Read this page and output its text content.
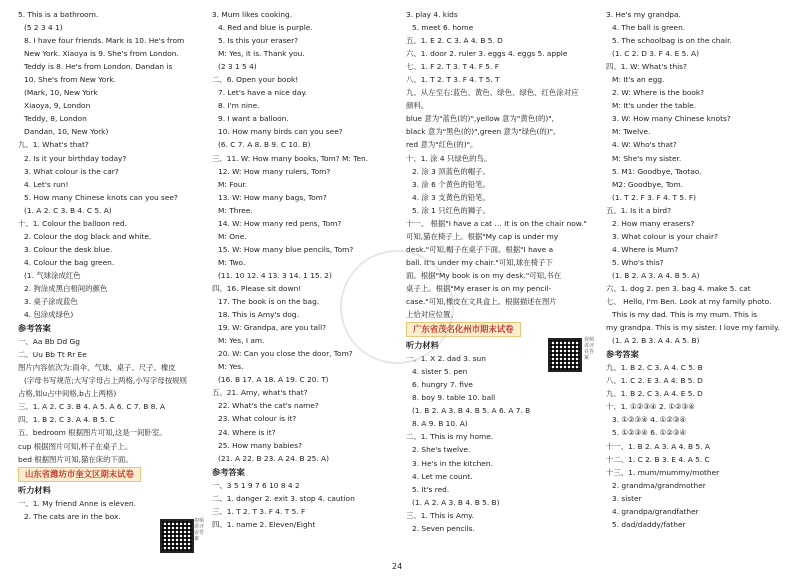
5. This is a bathroom.
(5 2 3 4 1)
8. I have four friends. Mark is 10. He's from
New York. Xiaoya is 9. She's from London.
Teddy is 8. He's from London. Dandan is
10. She's from New York.
(Mark, 10, New York
Xiaoya, 9, London
Teddy, 8, London
Dandan, 10, New York)
九、1. What's that?
2. Is it your birthday today?
3. What colour is the car?
4. Let's run!
5. How many Chinese knots can you see?
(1. A 2. C 3. B 4. C 5. A)
十、1. Colour the balloon red.
2. Colour the dog black and white.
3. Colour the desk blue.
4. Colour the bag green.
(1. 气球涂成红色
2. 狗涂成黑白相间的颜色
3. 桌子涂成蓝色
4. 包涂成绿色)
参考答案
一、Aa Bb Dd Gg
二、Uu Bb Tt Rr Ee
图片内容依次为:雨伞、气球、桌子、尺子、橡皮
(字母书写规范;大写字母占上两格,小写字母按规则
占格,如u占中间格,b占上两格)
三、1. A 2. C 3. B 4. A 5. A 6. C 7. B 8. A
四、1. B 2. C 3. A 4. B 5. C
五、bedroom 根据图片可知,这是一间卧室。
cup 根据图片可知,杯子在桌子上。
bed 根据图片可知,猫在床的下面。
山东省潍坊市奎文区期末试卷
听力材料
一、1. My friend Anne is eleven.
2. The cats are in the box.
3. Mum likes cooking.
4. Red and blue is purple.
5. Is this your eraser?
M: Yes, it is. Thank you.
(2 3 1 5 4)
二、6. Open your book!
7. Let's have a nice day.
8. I'm nine.
9. I want a balloon.
10. How many birds can you see?
(6. C 7. A 8. B 9. C 10. B)
三、11. W: How many books, Tom? M: Ten.
12. W: How many rulers, Tom?
M: Four.
13. W: How many bags, Tom?
M: Three.
14. W: How many red pens, Tom?
M: One.
15. W: How many blue pencils, Tom?
M: Two.
(11. 10 12. 4 13. 3 14. 1 15. 2)
四、16. Please sit down!
17. The book is on the bag.
18. This is Amy's dog.
19. W: Grandpa, are you tall?
M: Yes, I am.
20. W: Can you close the door, Tom?
M: Yes.
(16. B 17. A 18. A 19. C 20. T)
五、21. Amy, what's that?
22. What's the cat's name?
23. What colour is it?
24. Where is it?
25. How many babies?
(21. A 22. B 23. A 24. B 25. A)
参考答案
一、3 5 1 9 7 6 10 8 4 2
二、1. danger 2. exit 3. stop 4. caution
三、1. T 2. T 3. F 4. T 5. F
四、1. name 2. Eleven/Eight
3. play 4. kids
5. meet 6. home
五、1. E 2. C 3. A 4. B 5. D
六、1. door 2. ruler 3. eggs 4. eggs 5. apple
七、1. F 2. T 3. T 4. F 5. F
八、1. T 2. T 3. F 4. T 5. T
九、从左至右:蓝色、黄色、绿色、绿色、红色涂对应
颜料。
blue 意为"蓝色(的)",yellow 意为"黄色(的)",
black 意为"黑色(的)",green 意为"绿色(的)",
red 意为"红色(的)"。
十、1. 涂 4 只绿色的鸟。
2. 涂 3 顶蓝色的帽子。
3. 涂 6 个黄色的铅笔。
4. 涂 3 支黄色的铅笔。
5. 涂 1 只红色的狮子。
十一、 根据"I have a cat … It is on the chair now."
可知,猫在椅子上。根据"My cap is under my
desk."可知,帽子在桌子下面。根据"I have a
ball. It's under my chair."可知,球在椅子下
面。根据"My book is on my desk."可知,书在
桌子上。根据"My eraser is on my pencil-
case."可知,橡皮在文具盒上。根据描述在图片
上恰对应位置。
广东省茂名化州市期末试卷
听力材料
一、1. X 2. dad 3. sun
4. sister 5. pen
6. hungry 7. five
8. boy 9. table 10. ball
(1. B 2. A 3. B 4. B 5. A 6. A 7. B
8. A 9. B 10. A)
二、1. This is my home.
2. She's twelve.
3. He's in the kitchen.
4. Let me count.
5. It's red.
(1. A 2. A 3. B 4. B 5. B)
三、1. This is Amy.
2. Seven pencils.
3. He's my grandpa.
4. The ball is green.
5. The schoolbag is on the chair.
(1. C 2. D 3. F 4. E 5. A)
四、1. W: What's this?
M: It's an egg.
2. W: Where is the book?
M: It's under the table.
3. W: How many Chinese knots?
M: Twelve.
4. W: Who's that?
M: She's my sister.
5. M1: Goodbye, Taotao.
M2: Goodbye, Tom.
(1. T 2. F 3. F 4. T 5. F)
五、1. Is it a bird?
2. How many erasers?
3. What colour is your chair?
4. Where is Mum?
5. Who's this?
(1. B 2. A 3. A 4. B 5. A)
六、1. dog 2. pen 3. bag 4. make 5. cat
七、 Hello, I'm Ben. Look at my family photo.
This is my dad. This is my mum. This is
my grandpa. This is my sister. I love my family.
(1. A 2. B 3. A 4. A 5. B)
参考答案
九、1. B 2. C 3. A 4. C 5. B
八、1. C 2. E 3. A 4. B 5. D
九、1. B 2. C 3. A 4. E 5. D
十、1. ①②③④ 2. ①②③④
3. ①②③④ 4. ①②③④
5. ①②③④ 6. ①②③④
十一、1. B 2. A 3. A 4. B 5. A
十二、1. C 2. B 3. E 4. A 5. C
十三、1. mum/mummy/mother
2. grandma/grandmother
3. sister
4. grandpa/grandfather
5. dad/daddy/father
视频讲评看答案
视频讲评看答案
24
